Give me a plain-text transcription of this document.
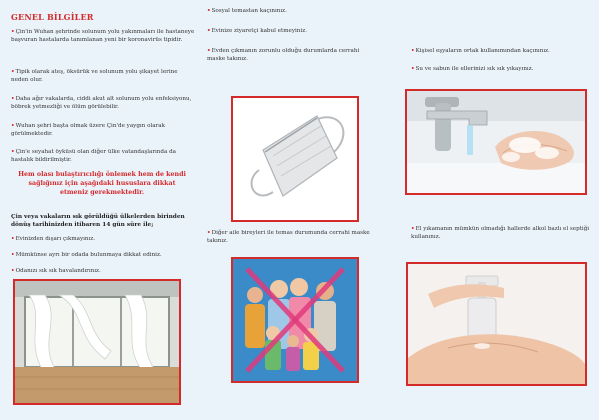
GENEL BİLGİLER
•Çin'in Wuhan şehrinde solunum yolu yakınmaları ile hastaneye başvuran hastalarda tanımlanan yeni bir koronavirüs tipidir.
•Tipik olarak ateş, öksürük ve solunum yolu şikayet lerine neden olur.
•Daha ağır vakalarda, ciddi akut alt solunum yolu enfeksiyonu, böbrek yetmezliği ve ölüm görülebilir.
•Wuhan şehri başta olmak üzere Çin'de yaygın olarak görülmektedir.
•Çin'e seyahat öyküsü olan diğer ülke vatandaşlarında da hastalık bildirilmiştir.
Hem olası bulaştırıcılığı önlemek hem de kendi sağlığınız için aşağıdaki hususlara dikkat etmeniz gerekmektedir.
Çin veya vakaların sık görüldüğü ülkelerden birinden dönüş tarihinizden itibaren 14 gün süre ile;
•Evinizden dışarı çıkmayınız.
•Mümkünse ayrı bir odada bulunmaya dikkat ediniz.
•Odanızı sık sık havalandırınız.
•Sosyal temastan kaçınınız.
•Evinize ziyaretçi kabul etmeyiniz.
•Evden çıkmanın zorunlu olduğu durumlarda cerrahi maske takınız.
•Diğer aile bireyleri ile temas durumunda cerrahi maske takınız.
•Kişisel eşyaların ortak kullanımından kaçınınız.
•Su ve sabun ile ellerinizi sık sık yıkayınız.
•El yıkamanın mümkün olmadığı hallerde alkol bazlı el septiği kullanınız.
